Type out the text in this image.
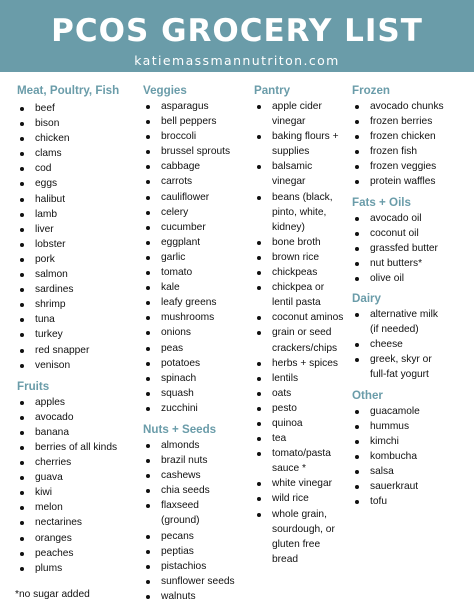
PCOS GROCERY LIST
katiemassmannutriton.com
Meat, Poultry, Fish
beef
bison
chicken
clams
cod
eggs
halibut
lamb
liver
lobster
pork
salmon
sardines
shrimp
tuna
turkey
red snapper
venison
Fruits
apples
avocado
banana
berries of all kinds
cherries
guava
kiwi
melon
nectarines
oranges
peaches
plums
Veggies
asparagus
bell peppers
broccoli
brussel sprouts
cabbage
carrots
cauliflower
celery
cucumber
eggplant
garlic
tomato
kale
leafy greens
mushrooms
onions
peas
potatoes
spinach
squash
zucchini
Nuts + Seeds
almonds
brazil nuts
cashews
chia seeds
flaxseed
(ground)
pecans
peptias
pistachios
sunflower seeds
walnuts
Pantry
apple cider
vinegar
baking flours +
supplies
balsamic
vinegar
beans (black,
pinto, white,
kidney)
bone broth
brown rice
chickpeas
chickpea or
lentil pasta
coconut aminos
grain or seed
crackers/chips
herbs + spices
lentils
oats
pesto
quinoa
tea
tomato/pasta
sauce *
white vinegar
wild rice
whole grain,
sourdough, or
gluten free
bread
Frozen
avocado chunks
frozen berries
frozen chicken
frozen fish
frozen veggies
protein waffles
Fats + Oils
avocado oil
coconut oil
grassfed butter
nut butters*
olive oil
Dairy
alternative milk
(if needed)
cheese
greek, skyr or
full-fat yogurt
Other
guacamole
hummus
kimchi
kombucha
salsa
sauerkraut
tofu
*no sugar added
